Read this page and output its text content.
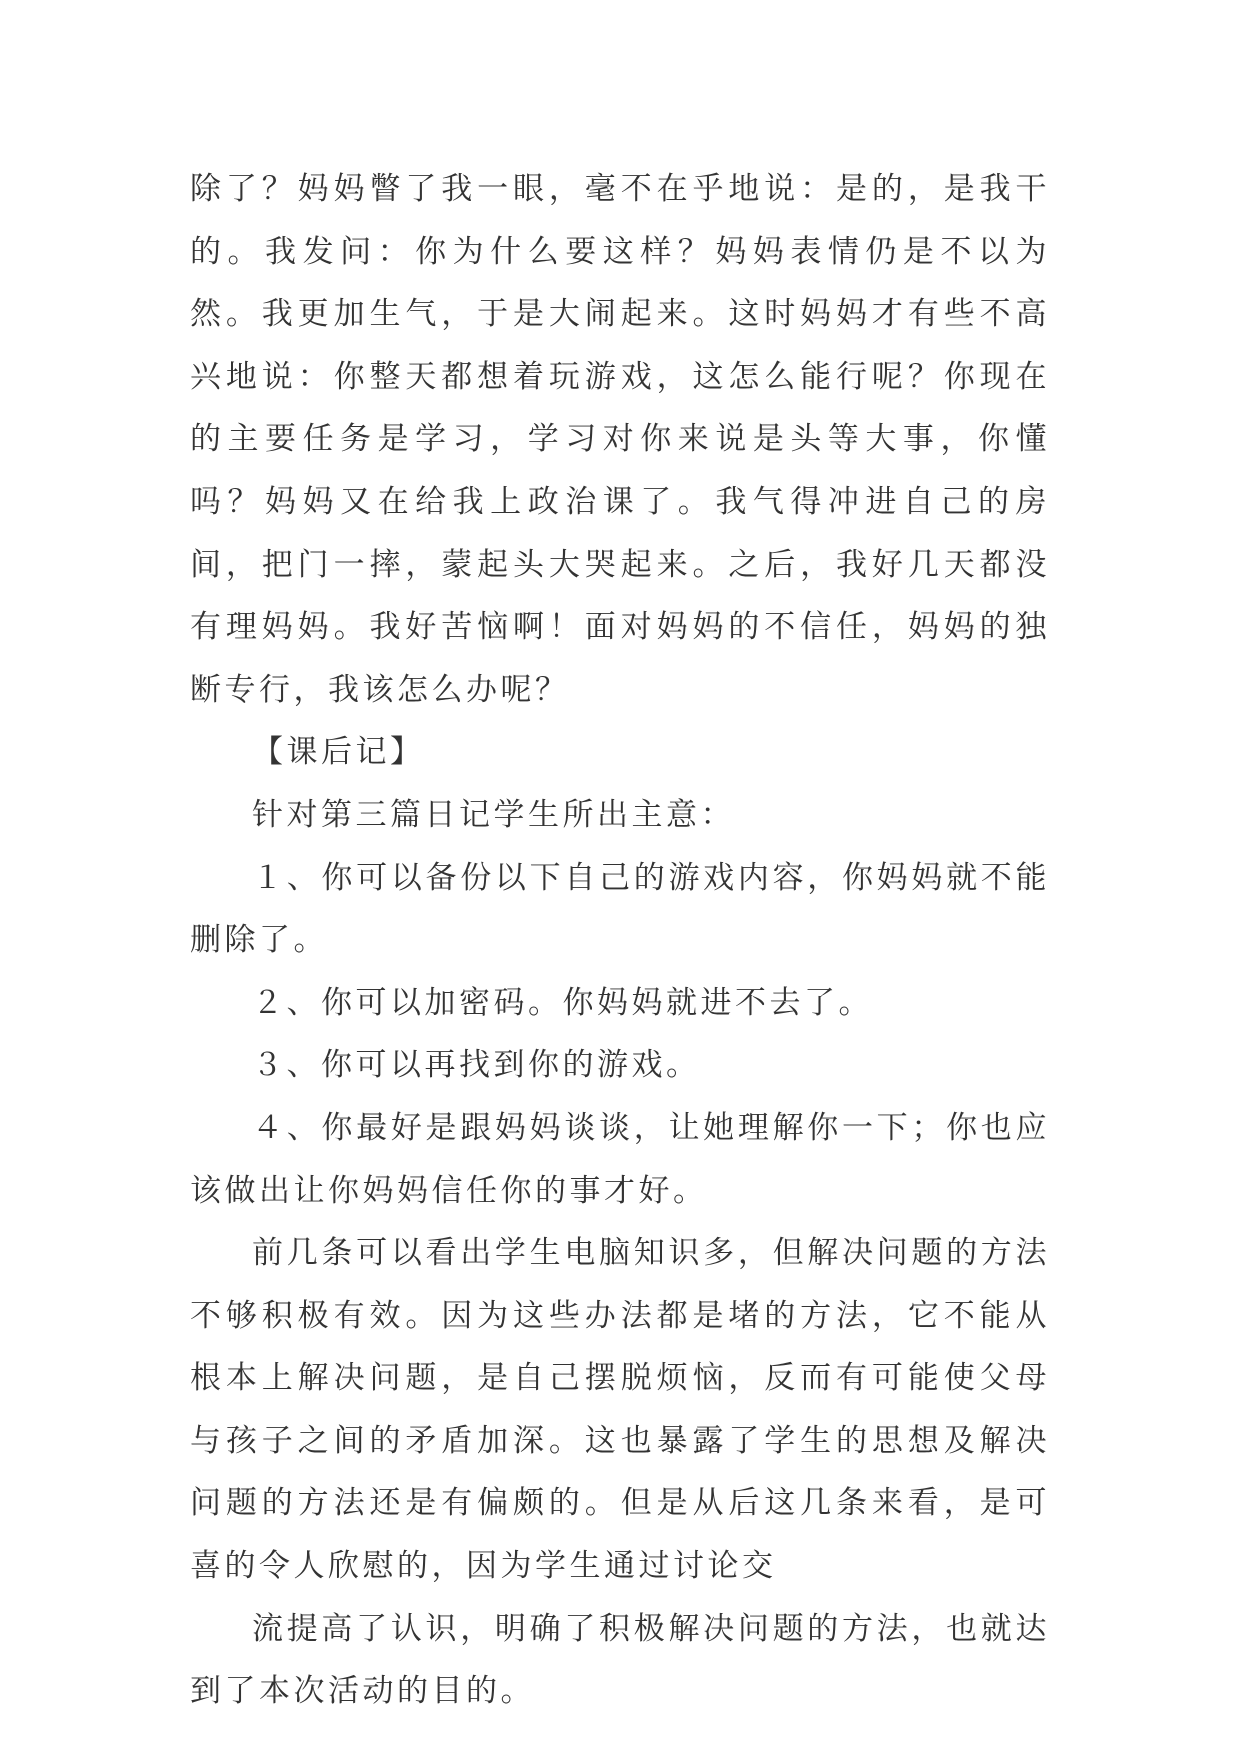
除了？妈妈瞥了我一眼，毫不在乎地说：是的，是我干的。我发问：你为什么要这样？妈妈表情仍是不以为然。我更加生气，于是大闹起来。这时妈妈才有些不高兴地说：你整天都想着玩游戏，这怎么能行呢？你现在的主要任务是学习，学习对你来说是头等大事，你懂吗？妈妈又在给我上政治课了。我气得冲进自己的房间，把门一摔，蒙起头大哭起来。之后，我好几天都没有理妈妈。我好苦恼啊！面对妈妈的不信任，妈妈的独断专行，我该怎么办呢？

【课后记】

针对第三篇日记学生所出主意：

１、你可以备份以下自己的游戏内容，你妈妈就不能删除了。

２、你可以加密码。你妈妈就进不去了。

３、你可以再找到你的游戏。

４、你最好是跟妈妈谈谈，让她理解你一下；你也应该做出让你妈妈信任你的事才好。

前几条可以看出学生电脑知识多，但解决问题的方法不够积极有效。因为这些办法都是堵的方法，它不能从根本上解决问题，是自己摆脱烦恼，反而有可能使父母与孩子之间的矛盾加深。这也暴露了学生的思想及解决问题的方法还是有偏颇的。但是从后这几条来看，是可喜的令人欣慰的，因为学生通过讨论交

流提高了认识，明确了积极解决问题的方法，也就达到了本次活动的目的。
